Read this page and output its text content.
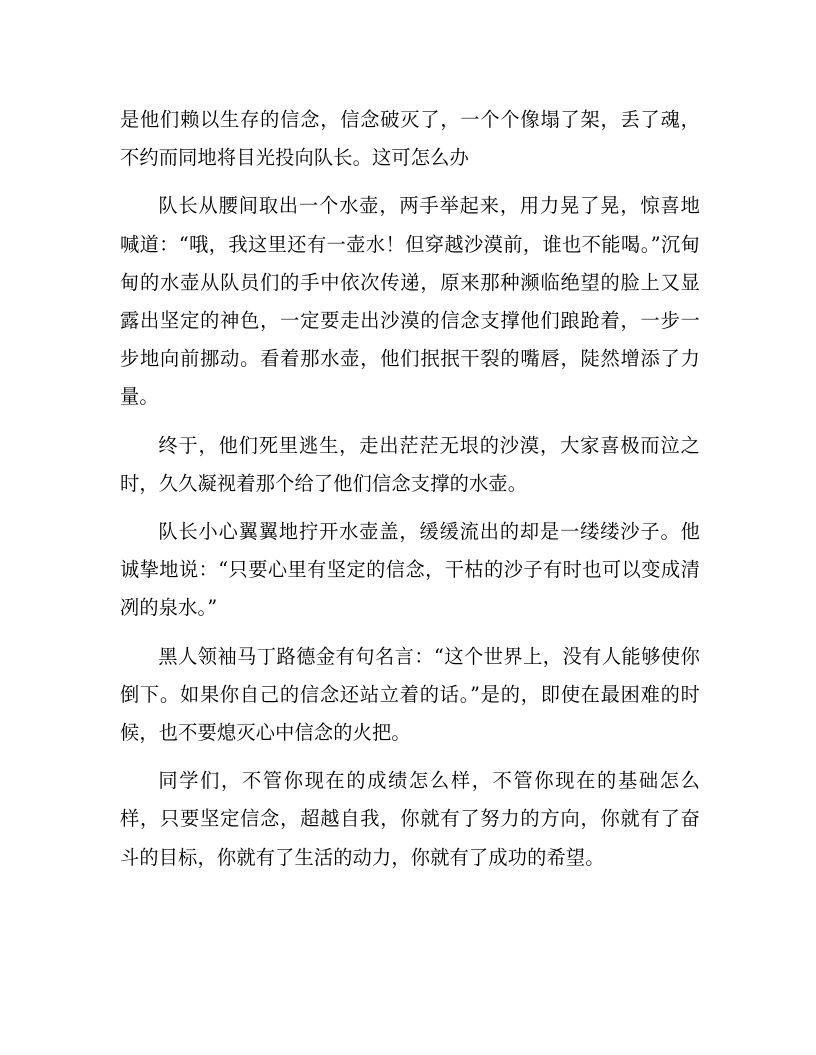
是他们赖以生存的信念，信念破灭了，一个个像塌了架，丢了魂，不约而同地将目光投向队长。这可怎么办

队长从腰间取出一个水壶，两手举起来，用力晃了晃，惊喜地喊道：“哦，我这里还有一壶水！但穿越沙漠前，谁也不能喝。”沉甸甸的水壶从队员们的手中依次传递，原来那种濒临绝望的脸上又显露出坚定的神色，一定要走出沙漠的信念支撑他们踉跄着，一步一步地向前挪动。看着那水壶，他们抿抿干裂的嘴唇，陡然增添了力量。

终于，他们死里逃生，走出茫茫无垠的沙漠，大家喜极而泣之时，久久凝视着那个给了他们信念支撑的水壶。

队长小心翼翼地拧开水壶盖，缓缓流出的却是一缕缕沙子。他诚挚地说：“只要心里有坚定的信念，干枯的沙子有时也可以变成清冽的泉水。”

黑人领袖马丁路德金有句名言：“这个世界上，没有人能够使你倒下。如果你自己的信念还站立着的话。”是的，即使在最困难的时候，也不要熄灭心中信念的火把。

同学们，不管你现在的成绩怎么样，不管你现在的基础怎么样，只要坚定信念，超越自我，你就有了努力的方向，你就有了奋斗的目标，你就有了生活的动力，你就有了成功的希望。
